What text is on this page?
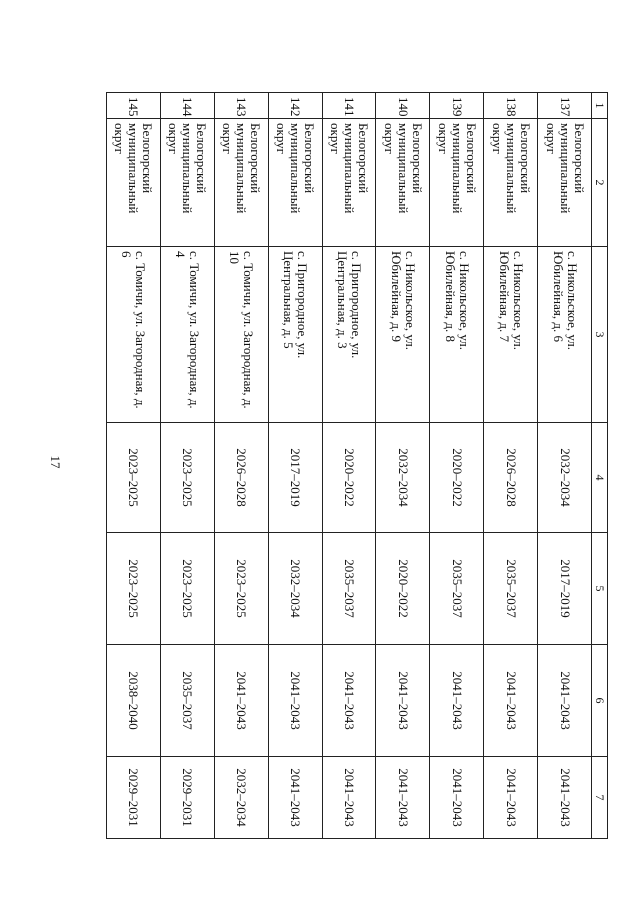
17
1	2	3	4	5	6	7
137	Белогорский муниципальный округ	с. Никольское, ул. Юбилейная, д. 6	2032–2034	2017–2019	2041–2043	2041–2043
138	Белогорский муниципальный округ	с. Никольское, ул. Юбилейная, д. 7	2026–2028	2035–2037	2041–2043	2041–2043
139	Белогорский муниципальный округ	с. Никольское, ул. Юбилейная, д. 8	2020–2022	2035–2037	2041–2043	2041–2043
140	Белогорский муниципальный округ	с. Никольское, ул. Юбилейная, д. 9	2032–2034	2020–2022	2041–2043	2041–2043
141	Белогорский муниципальный округ	с. Пригородное, ул. Центральная, д. 3	2020–2022	2035–2037	2041–2043	2041–2043
142	Белогорский муниципальный округ	с. Пригородное, ул. Центральная, д. 5	2017–2019	2032–2034	2041–2043	2041–2043
143	Белогорский муниципальный округ	с. Томичи, ул. Загородная, д. 10	2026–2028	2023–2025	2041–2043	2032–2034
144	Белогорский муниципальный округ	с. Томичи, ул. Загородная, д. 4	2023–2025	2023–2025	2035–2037	2029–2031
145	Белогорский муниципальный округ	с. Томичи, ул. Загородная, д. 6	2023–2025	2023–2025	2038–2040	2029–2031
